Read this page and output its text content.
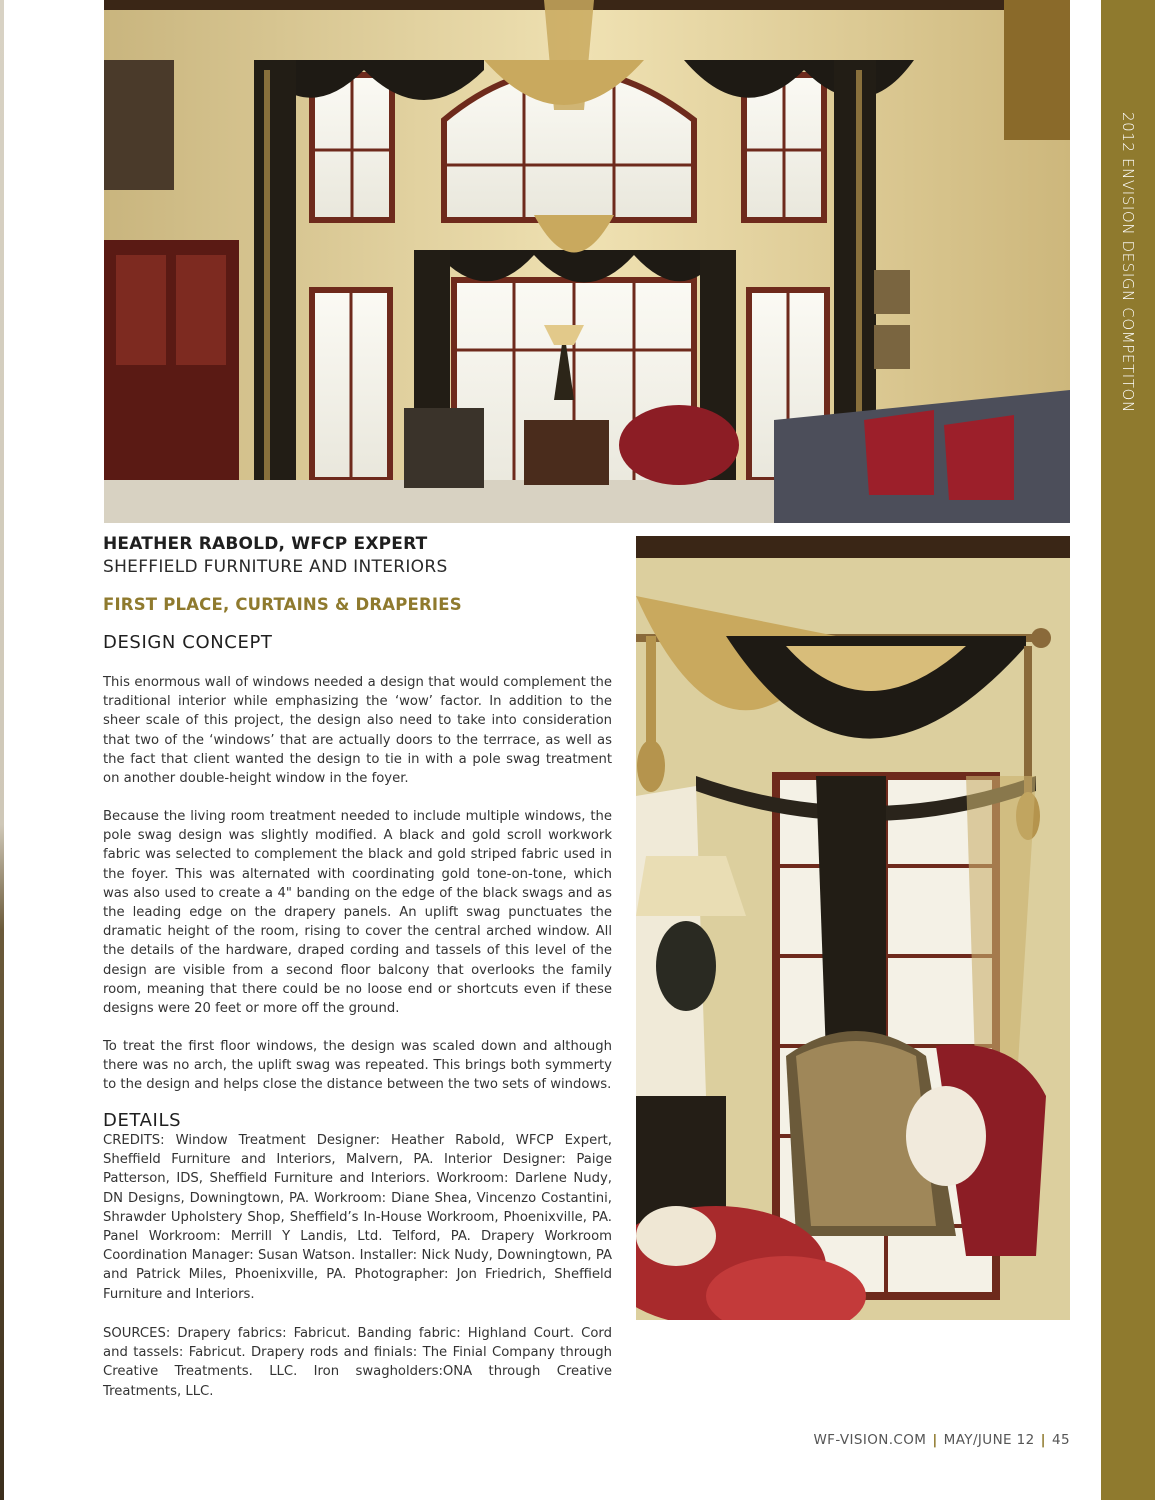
2012 ENVISION DESIGN COMPETITON
HEATHER RABOLD, WFCP EXPERT
SHEFFIELD FURNITURE AND INTERIORS
FIRST PLACE, CURTAINS & DRAPERIES
DESIGN CONCEPT

This enormous wall of windows needed a design that would complement the traditional interior while emphasizing the ‘wow’ factor. In addition to the sheer scale of this project, the design also need to take into consideration that two of the ‘windows’ that are actually doors to the terrrace, as well as the fact that client wanted the design to tie in with a pole swag treatment on another double-height window in the foyer.

Because the living room treatment needed to include multiple windows, the pole swag design was slightly modified. A black and gold scroll workwork fabric was selected to complement the black and gold striped fabric used in the foyer. This was alternated with coordinating gold tone-on-tone, which was also used to create a 4" banding on the edge of the black swags and as the leading edge on the drapery panels. An uplift swag punctuates the dramatic height of the room, rising to cover the central arched window. All the details of the hardware, draped cording and tassels of this level of the design are visible from a second floor balcony that overlooks the family room, meaning that there could be no loose end or shortcuts even if these designs were 20 feet or more off the ground.

To treat the first floor windows, the design was scaled down and although there was no arch, the uplift swag was repeated. This brings both symmerty to the design and helps close the distance between the two sets of windows.

DETAILS

CREDITS: Window Treatment Designer: Heather Rabold, WFCP Expert, Sheffield Furniture and Interiors, Malvern, PA. Interior Designer: Paige Patterson, IDS, Sheffield Furniture and Interiors. Workroom: Darlene Nudy, DN Designs, Downingtown, PA. Workroom: Diane Shea, Vincenzo Costantini, Shrawder Upholstery Shop, Sheffield’s In-House Workroom, Phoenixville, PA. Panel Workroom: Merrill Y Landis, Ltd. Telford, PA. Drapery Workroom Coordination Manager: Susan Watson. Installer: Nick Nudy, Downingtown, PA and Patrick Miles, Phoenixville, PA. Photographer: Jon Friedrich, Sheffield Furniture and Interiors.

SOURCES: Drapery fabrics: Fabricut. Banding fabric: Highland Court. Cord and tassels: Fabricut. Drapery rods and finials: The Finial Company through Creative Treatments. LLC. Iron swagholders:ONA through Creative Treatments, LLC.

WF-VISION.COM | MAY/JUNE 12 | 45
